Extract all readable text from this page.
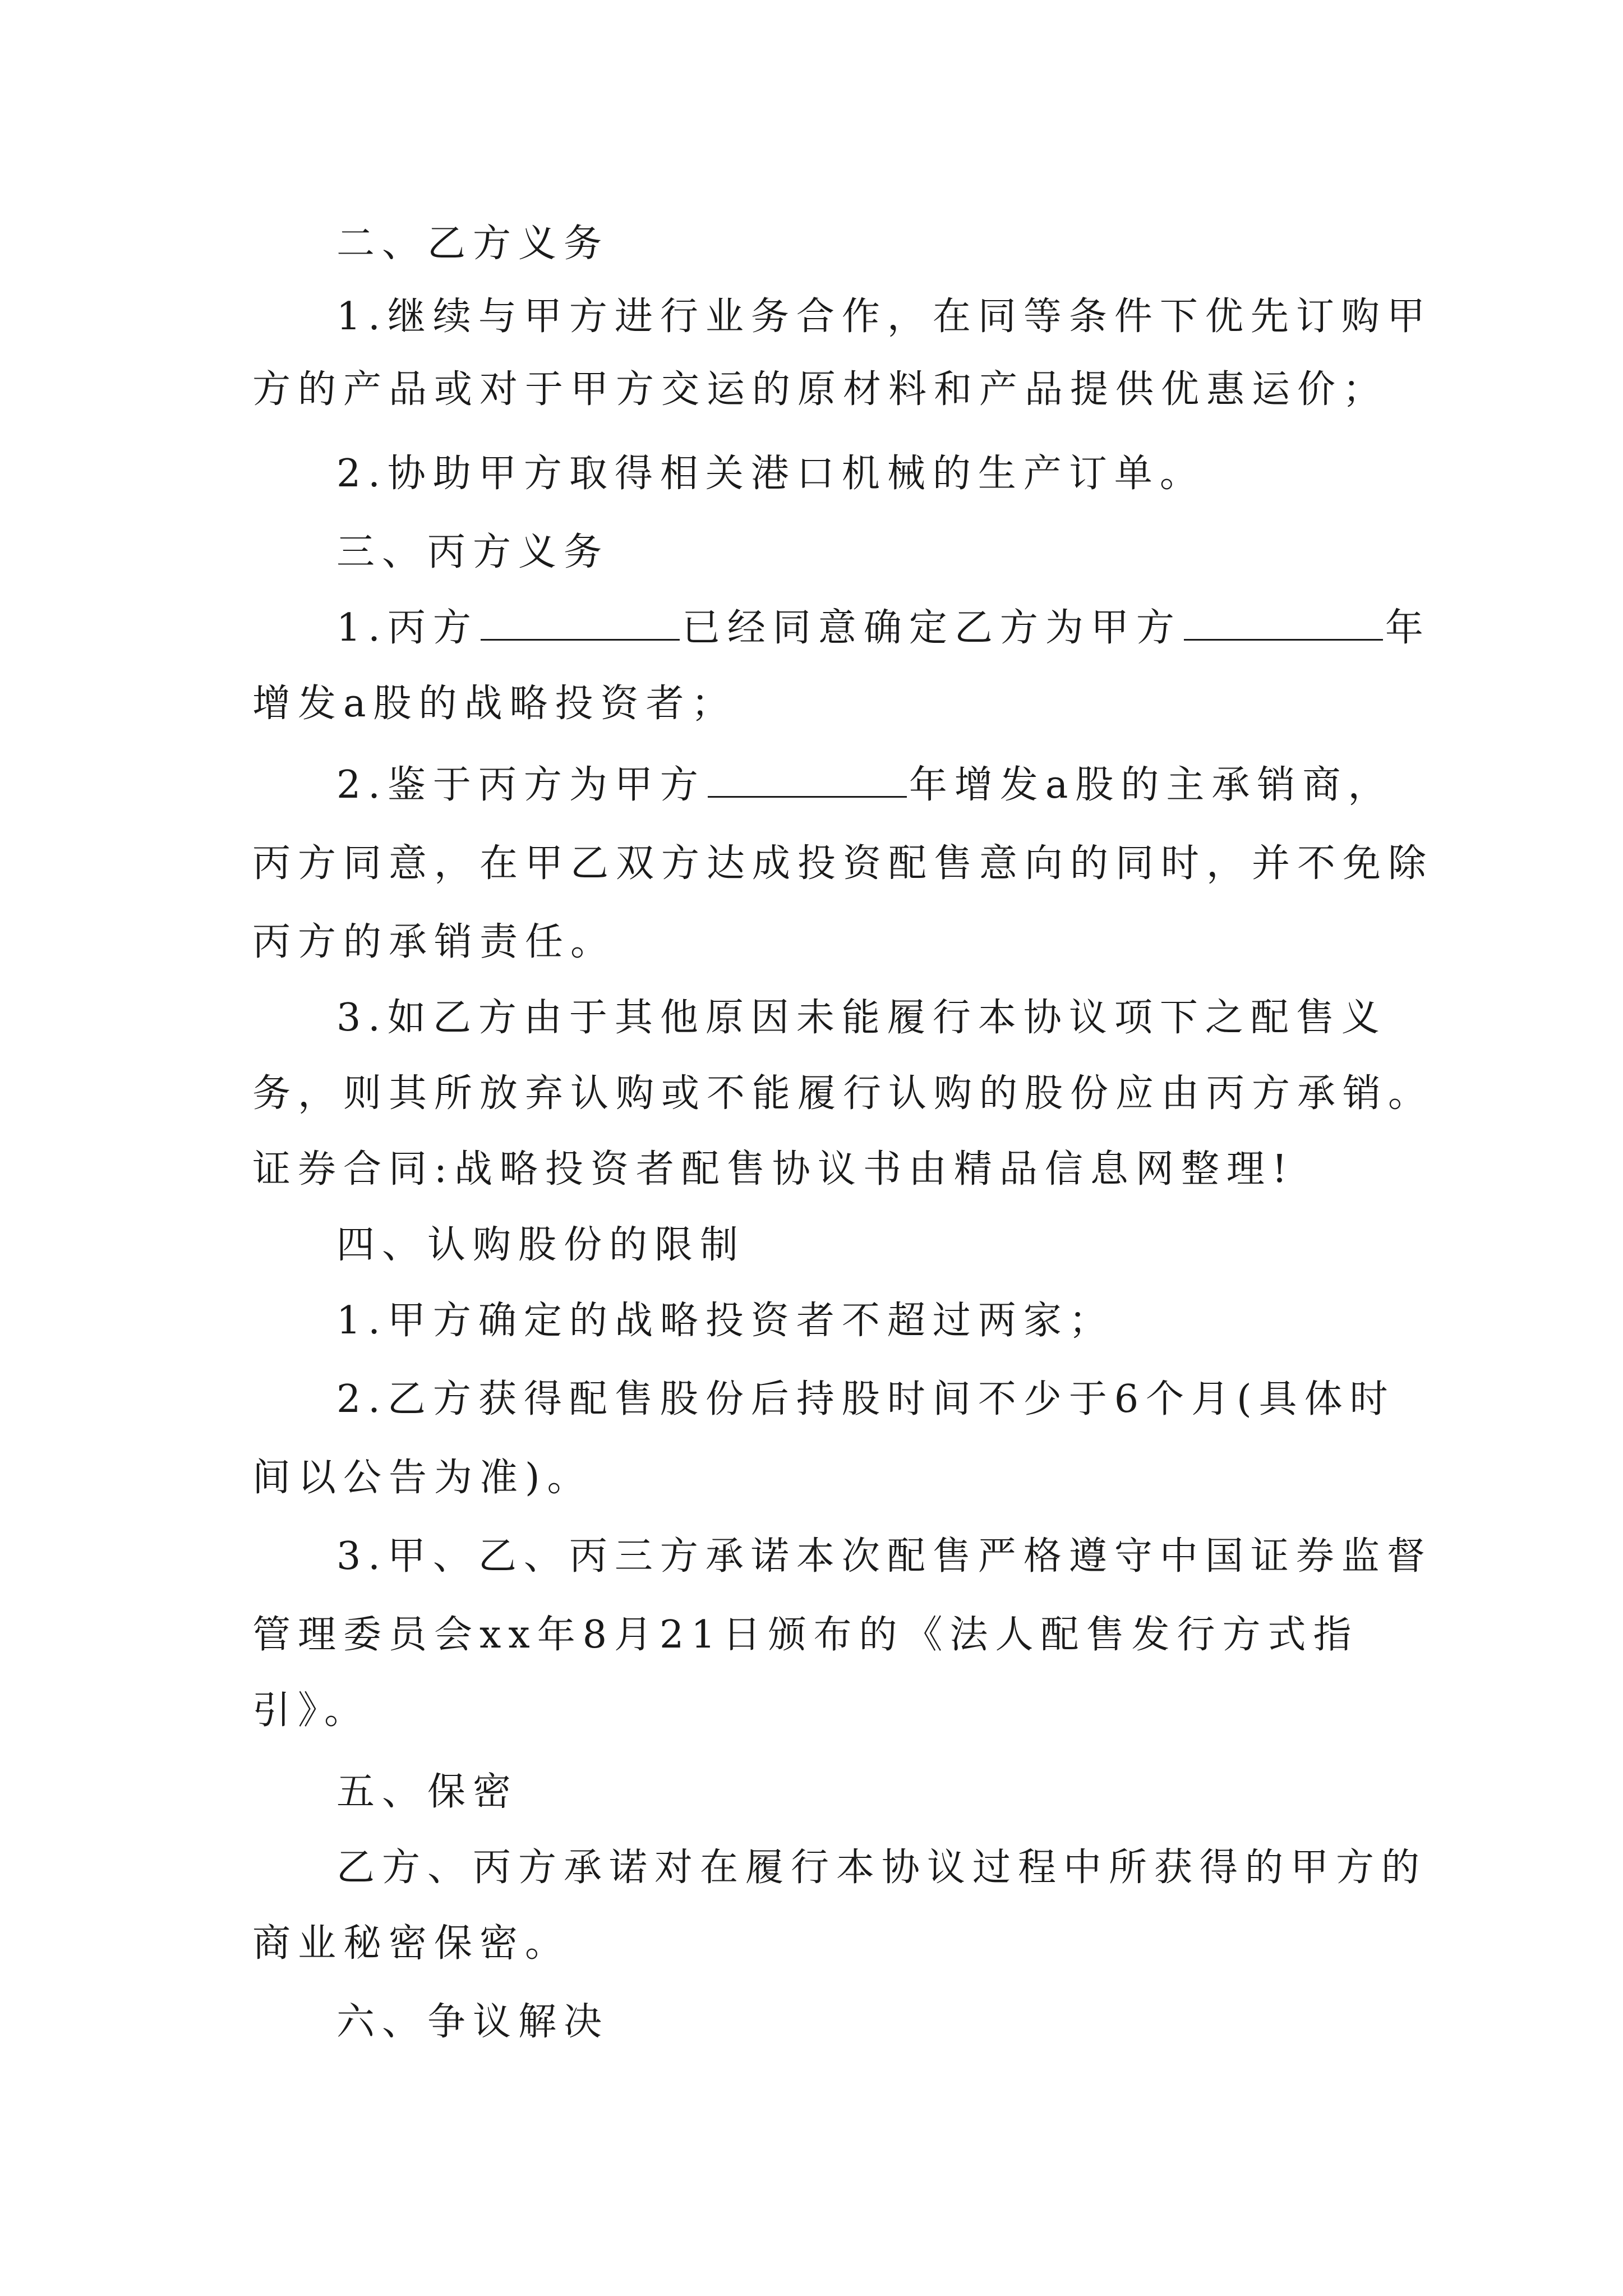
二、乙方义务
1.继续与甲方进行业务合作，在同等条件下优先订购甲
方的产品或对于甲方交运的原材料和产品提供优惠运价；
2.协助甲方取得相关港口机械的生产订单。
三、丙方义务
1.丙方	已经同意确定乙方为甲方	年
增发a股的战略投资者；
2.鉴于丙方为甲方	年增发a股的主承销商，
丙方同意，在甲乙双方达成投资配售意向的同时，并不免除
丙方的承销责任。
3.如乙方由于其他原因未能履行本协议项下之配售义
务，则其所放弃认购或不能履行认购的股份应由丙方承销。
证券合同:战略投资者配售协议书由精品信息网整理!
四、认购股份的限制
1.甲方确定的战略投资者不超过两家；
2.乙方获得配售股份后持股时间不少于6个月(具体时
间以公告为准)。
3.甲、乙、丙三方承诺本次配售严格遵守中国证券监督
管理委员会xx年8月21日颁布的《法人配售发行方式指
引》。
五、保密
乙方、丙方承诺对在履行本协议过程中所获得的甲方的
商业秘密保密。
六、争议解决
